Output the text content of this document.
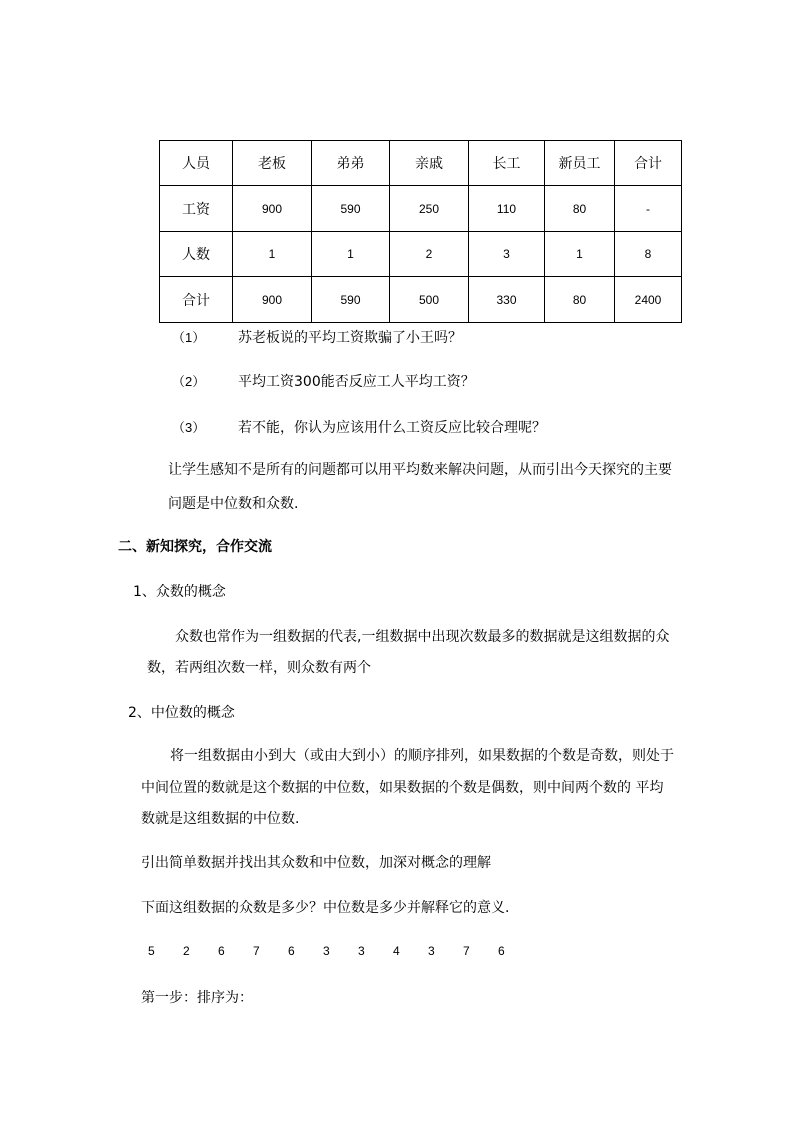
人员	老板	弟弟	亲戚	长工	新员工	合计
工资	900	590	250	110	80	-
人数	1	1	2	3	1	8
合计	900	590	500	330	80	2400
（1） 苏老板说的平均工资欺骗了小王吗？
（2） 平均工资300能否反应工人平均工资？
（3） 若不能，你认为应该用什么工资反应比较合理呢？
让学生感知不是所有的问题都可以用平均数来解决问题，从而引出今天探究的主要
问题是中位数和众数.
二、新知探究，合作交流
1、众数的概念
众数也常作为一组数据的代表,一组数据中出现次数最多的数据就是这组数据的众
数，若两组次数一样，则众数有两个
2、中位数的概念
将一组数据由小到大（或由大到小）的顺序排列，如果数据的个数是奇数，则处于
中间位置的数就是这个数据的中位数，如果数据的个数是偶数，则中间两个数的 平均
数就是这组数据的中位数.
引出简单数据并找出其众数和中位数，加深对概念的理解
下面这组数据的众数是多少？中位数是多少并解释它的意义.
5 2 6 7 6 3 3 4 3 7 6
第一步：排序为：
